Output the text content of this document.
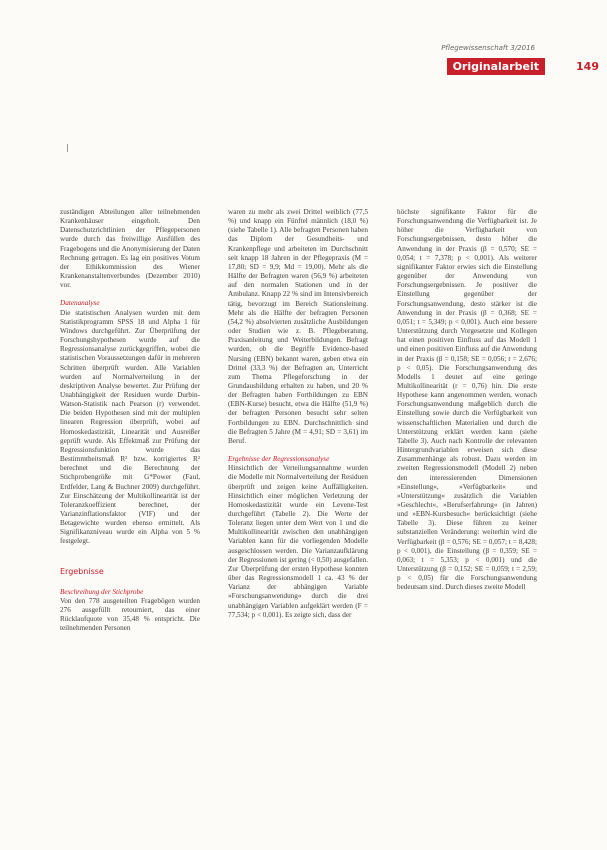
Pflegewissenschaft 3/2016
Originalarbeit	149

zuständigen Abteilungen aller teilnehmenden Krankenhäuser eingeholt. Den Datenschutzrichtlinien der Pflegepersonen wurde durch das freiwillige Ausfüllen des Fragebogens und die Anonymisierung der Daten Rechnung getragen. Es lag ein positives Votum der Ethikkommission des Wiener Krankenanstaltenverbundes (Dezember 2010) vor.

Datenanalyse

Die statistischen Analysen wurden mit dem Statistikprogramm SPSS 18 und Alpha 1 für Windows durchgeführt. Zur Überprüfung der Forschungshypothesen wurde auf die Regressionsanalyse zurückgegriffen, wobei die statistischen Voraussetzungen dafür in mehreren Schritten überprüft wurden. Alle Variablen wurden auf Normalverteilung in der deskriptiven Analyse bewertet. Zur Prüfung der Unabhängigkeit der Residuen wurde Durbin-Watson-Statistik nach Pearson (r) verwendet. Die beiden Hypothesen sind mit der multiplen linearen Regression überprüft, wobei auf Homoskedastizität, Linearität und Ausreißer geprüft wurde. Als Effektmaß zur Prüfung der Regressionsfunktion wurde das Bestimmtheitsmaß R² bzw. korrigiertes R² berechnet und die Berechnung der Stichprobengröße mit G*Power (Faul, Erdfelder, Lang & Buchner 2009) durchgeführt. Zur Einschätzung der Multikollinearität ist der Toleranzkoeffizient berechnet, der Varianzinflationsfaktor (VIF) und der Betagewichte wurden ebenso ermittelt. Als Signifikanzniveau wurde ein Alpha von 5 % festgelegt.

Ergebnisse

Beschreibung der Stichprobe

Von den 778 ausgeteilten Fragebögen wurden 276 ausgefüllt retourniert, das einer Rücklaufquote von 35,48 % entspricht. Die teilnehmenden Personen

waren zu mehr als zwei Drittel weiblich (77,5 %) und knapp ein Fünftel männlich (18,0 %) (siehe Tabelle 1). Alle befragten Personen haben das Diplom der Gesundheits- und Krankenpflege und arbeiteten im Durchschnitt seit knapp 18 Jahren in der Pflegepraxis (M = 17,80; SD = 9,9; Md = 19,00). Mehr als die Hälfte der Befragten waren (56,9 %) arbeiteten auf den normalen Stationen und in der Ambulanz. Knapp 22 % sind im Intensivbereich tätig, bevorzugt im Bereich Stationsleitung. Mehr als die Hälfte der befragten Personen (54,2 %) absolvierten zusätzliche Ausbildungen oder Studien wie z. B. Pflegeberatung, Praxisanleitung und Weiterbildungen. Befragt wurden, ob die Begriffe Evidence-based Nursing (EBN) bekannt waren, geben etwa ein Drittel (33,3 %) der Befragten an, Unterricht zum Thema Pflegeforschung in der Grundausbildung erhalten zu haben, und 20 % der Befragten haben Fortbildungen zu EBN (EBN-Kurse) besucht, etwa die Hälfte (51,9 %) der befragten Personen besucht sehr selten Fortbildungen zu EBN. Durchschnittlich sind die Befragten 5 Jahre (M = 4,91; SD = 3,61) im Beruf.

Ergebnisse der Regressionsanalyse

Hinsichtlich der Verteilungsannahme wurden die Modelle mit Normalverteilung der Residuen überprüft und zeigen keine Auffälligkeiten. Hinsichtlich einer möglichen Verletzung der Homoskedastizität wurde ein Levene-Test durchgeführt (Tabelle 2). Die Werte der Toleranz liegen unter dem Wert von 1 und die Multikollinearität zwischen den unabhängigen Variablen kann für die vorliegenden Modelle ausgeschlossen werden. Die Varianzaufklärung der Regressionen ist gering (< 0,50) ausgefallen. Zur Überprüfung der ersten Hypothese konnten über das Regressionsmodell 1 ca. 43 % der Varianz der abhängigen Variable »Forschungsanwendung« durch die drei unabhängigen Variablen aufgeklärt werden (F = 77,534; p < 0,001). Es zeigte sich, dass der

höchste signifikante Faktor für die Forschungsanwendung die Verfügbarkeit ist. Je höher die Verfügbarkeit von Forschungsergebnissen, desto höher die Anwendung in der Praxis (β = 0,570; SE = 0,054; t = 7,378; p < 0,001). Als weiterer signifikanter Faktor erwies sich die Einstellung gegenüber der Anwendung von Forschungsergebnissen. Je positiver die Einstellung gegenüber der Forschungsanwendung, desto stärker ist die Anwendung in der Praxis (β = 0,368; SE = 0,051; t = 5,349; p < 0,001). Auch eine bessere Unterstützung durch Vorgesetzte und Kollegen hat einen positiven Einfluss auf das Modell 1 und einen positiven Einfluss auf die Anwendung in der Praxis (β = 0,158; SE = 0,056; t = 2,676; p < 0,05). Die Forschungsanwendung des Modells 1 deutet auf eine geringe Multikollinearität (r = 0,76) hin. Die erste Hypothese kann angenommen werden, wonach Forschungsanwendung maßgeblich durch die Einstellung sowie durch die Verfügbarkeit von wissenschaftlichen Materialien und durch die Unterstützung erklärt werden kann (siehe Tabelle 3). Auch nach Kontrolle der relevanten Hintergrundvariablen erweisen sich diese Zusammenhänge als robust. Dazu werden im zweiten Regressionsmodell (Modell 2) neben den interessierenden Dimensionen »Einstellung«, »Verfügbarkeit« und »Unterstützung« zusätzlich die Variablen »Geschlecht«, »Berufserfahrung« (in Jahren) und »EBN-Kursbesuch« berücksichtigt (siehe Tabelle 3). Diese führen zu keiner substanziellen Veränderung: weiterhin wird die Verfügbarkeit (β = 0,576; SE = 0,057; t = 8,428; p < 0,001), die Einstellung (β = 0,359; SE = 0,063; t = 5,353; p < 0,001) und die Unterstützung (β = 0,152; SE = 0,059; t = 2,59; p < 0,05) für die Forschungsanwendung bedeutsam sind. Durch dieses zweite Modell
